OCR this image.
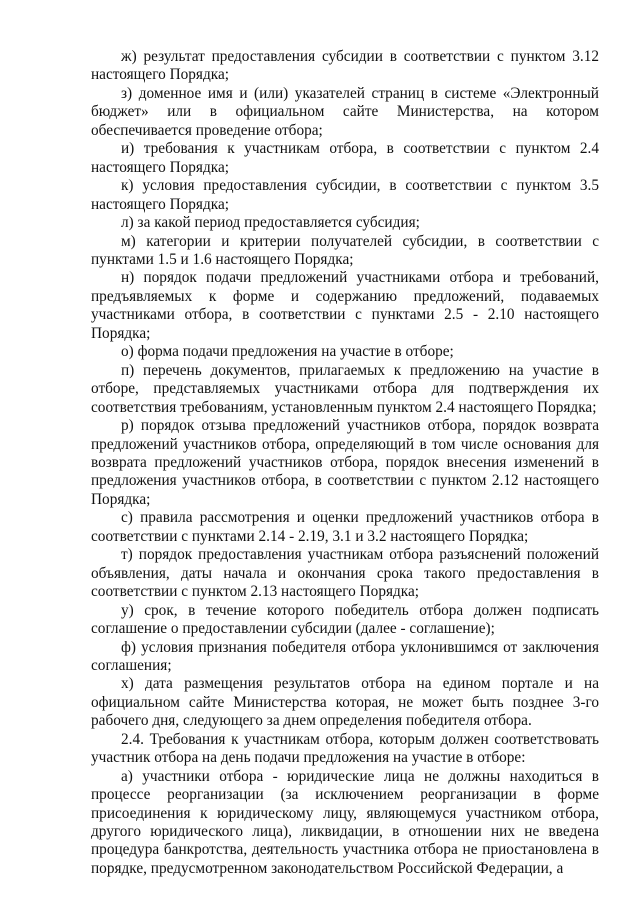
ж) результат предоставления субсидии в соответствии с пунктом 3.12 настоящего Порядка;

з) доменное имя и (или) указателей страниц в системе «Электронный бюджет» или в официальном сайте Министерства, на котором обеспечивается проведение отбора;

и) требования к участникам отбора, в соответствии с пунктом 2.4 настоящего Порядка;

к) условия предоставления субсидии, в соответствии с пунктом 3.5 настоящего Порядка;

л) за какой период предоставляется субсидия;

м) категории и критерии получателей субсидии, в соответствии с пунктами 1.5 и 1.6 настоящего Порядка;

н) порядок подачи предложений участниками отбора и требований, предъявляемых к форме и содержанию предложений, подаваемых участниками отбора, в соответствии с пунктами 2.5 - 2.10 настоящего Порядка;

о) форма подачи предложения на участие в отборе;

п) перечень документов, прилагаемых к предложению на участие в отборе, представляемых участниками отбора для подтверждения их соответствия требованиям, установленным пунктом 2.4 настоящего Порядка;

р) порядок отзыва предложений участников отбора, порядок возврата предложений участников отбора, определяющий в том числе основания для возврата предложений участников отбора, порядок внесения изменений в предложения участников отбора, в соответствии с пунктом 2.12 настоящего Порядка;

с) правила рассмотрения и оценки предложений участников отбора в соответствии с пунктами 2.14 - 2.19, 3.1 и 3.2 настоящего Порядка;

т) порядок предоставления участникам отбора разъяснений положений объявления, даты начала и окончания срока такого предоставления в соответствии с пунктом 2.13 настоящего Порядка;

у) срок, в течение которого победитель отбора должен подписать соглашение о предоставлении субсидии (далее - соглашение);

ф) условия признания победителя отбора уклонившимся от заключения соглашения;

х) дата размещения результатов отбора на едином портале и на официальном сайте Министерства которая, не может быть позднее 3-го рабочего дня, следующего за днем определения победителя отбора.

2.4. Требования к участникам отбора, которым должен соответствовать участник отбора на день подачи предложения на участие в отборе:

а) участники отбора - юридические лица не должны находиться в процессе реорганизации (за исключением реорганизации в форме присоединения к юридическому лицу, являющемуся участником отбора, другого юридического лица), ликвидации, в отношении них не введена процедура банкротства, деятельность участника отбора не приостановлена в порядке, предусмотренном законодательством Российской Федерации, а
